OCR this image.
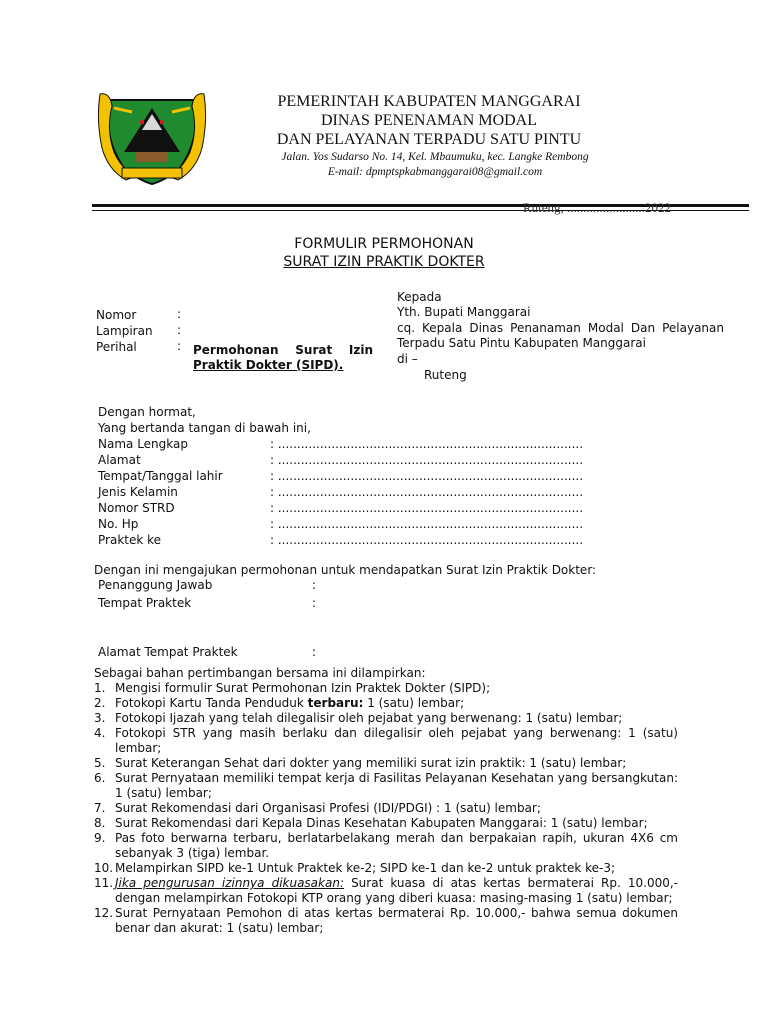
PEMERINTAH KABUPATEN MANGGARAI
DINAS PENENAMAN MODAL
DAN PELAYANAN TERPADU SATU PINTU
Jalan. Yos Sudarso No. 14, Kel. Mbaumuku, kec. Langke Rembong
E-mail: dpmptspkabmanggarai08@gmail.com
Ruteng, ........................2022
FORMULIR PERMOHONAN
SURAT IZIN PRAKTIK DOKTER
Nomor	:
Lampiran :
Perihal	: Permohonan Surat Izin
Praktik Dokter (SIPD).
Kepada
Yth. Bupati Manggarai
cq. Kepala Dinas Penanaman Modal Dan Pelayanan
Terpadu Satu Pintu Kabupaten Manggarai
di –
Ruteng
Dengan hormat,
Yang bertanda tangan di bawah ini,
Nama Lengkap	: ................................................................................
Alamat	: ................................................................................
Tempat/Tanggal lahir	: ................................................................................
Jenis Kelamin	: ................................................................................
Nomor STRD	: ................................................................................
No. Hp	: ................................................................................
Praktek ke	: ................................................................................
Dengan ini mengajukan permohonan untuk mendapatkan Surat Izin Praktik Dokter:
Penanggung Jawab	:
Tempat Praktek	:
Alamat Tempat Praktek	:
Sebagai bahan pertimbangan bersama ini dilampirkan:
1. Mengisi formulir Surat Permohonan Izin Praktek Dokter (SIPD);
2. Fotokopi Kartu Tanda Penduduk terbaru: 1 (satu) lembar;
3. Fotokopi Ijazah yang telah dilegalisir oleh pejabat yang berwenang: 1 (satu) lembar;
4. Fotokopi STR yang masih berlaku dan dilegalisir oleh pejabat yang berwenang: 1 (satu) lembar;
5. Surat Keterangan Sehat dari dokter yang memiliki surat izin praktik: 1 (satu) lembar;
6. Surat Pernyataan memiliki tempat kerja di Fasilitas Pelayanan Kesehatan yang bersangkutan: 1 (satu) lembar;
7. Surat Rekomendasi dari Organisasi Profesi (IDI/PDGI) : 1 (satu) lembar;
8. Surat Rekomendasi dari Kepala Dinas Kesehatan Kabupaten Manggarai: 1 (satu) lembar;
9. Pas foto berwarna terbaru, berlatarbelakang merah dan berpakaian rapih, ukuran 4X6 cm sebanyak 3 (tiga) lembar.
10. Melampirkan SIPD ke-1 Untuk Praktek ke-2; SIPD ke-1 dan ke-2 untuk praktek ke-3;
11. Jika pengurusan izinnya dikuasakan: Surat kuasa di atas kertas bermaterai Rp. 10.000,- dengan melampirkan Fotokopi KTP orang yang diberi kuasa: masing-masing 1 (satu) lembar;
12. Surat Pernyataan Pemohon di atas kertas bermaterai Rp. 10.000,- bahwa semua dokumen benar dan akurat: 1 (satu) lembar;
